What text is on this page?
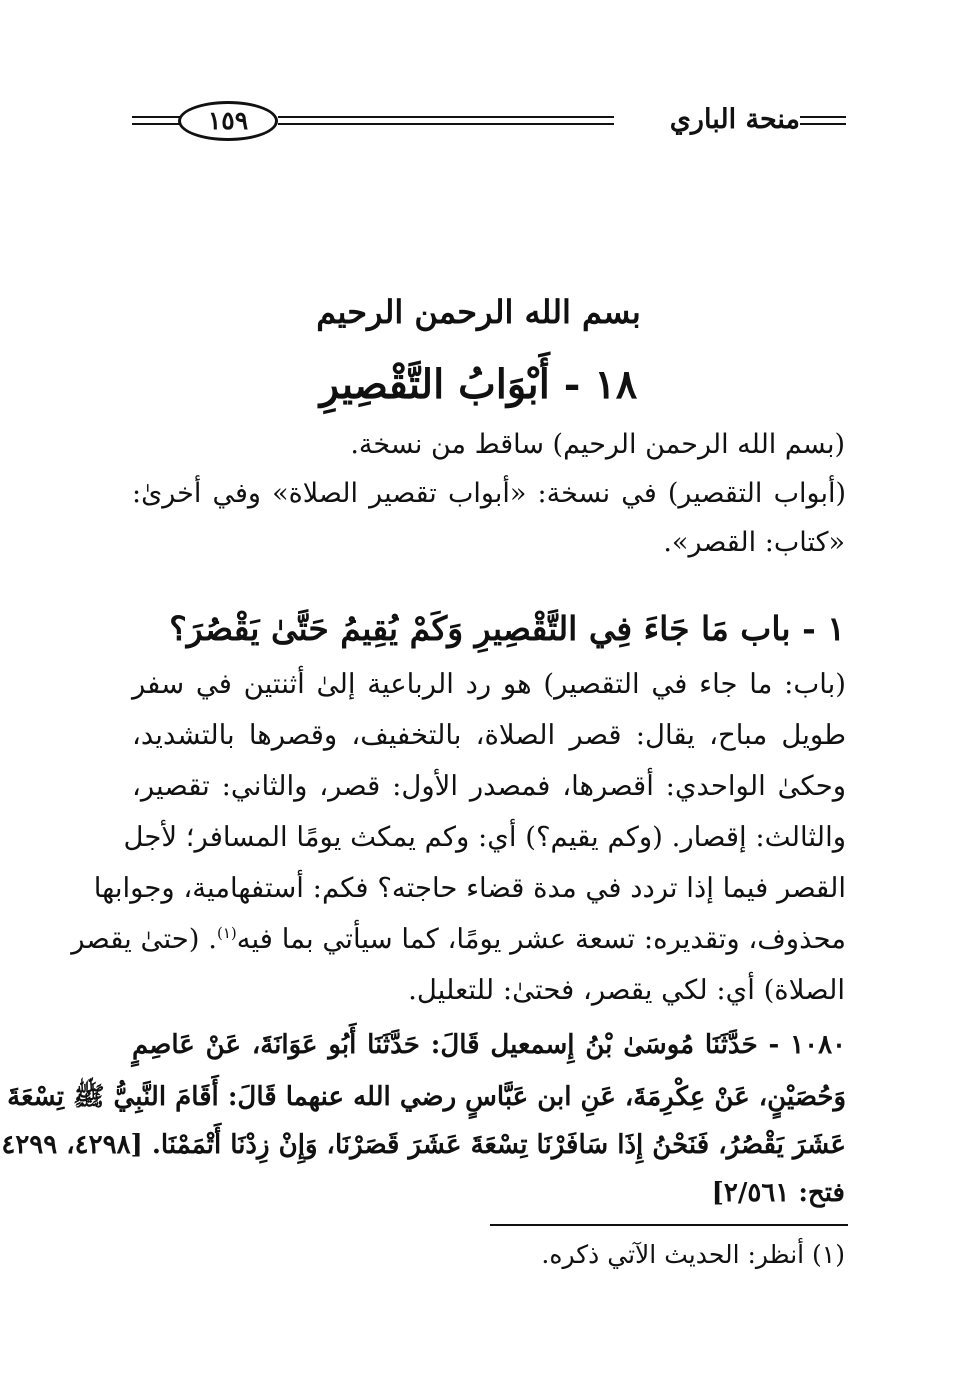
منحة الباري
١٥٩
بسم الله الرحمن الرحيم
١٨ - أَبْوَابُ التَّقْصِيرِ
(بسم الله الرحمن الرحيم) ساقط من نسخة.
(أبواب التقصير) في نسخة: «أبواب تقصير الصلاة» وفي أخرىٰ:
«كتاب: القصر».
١ - باب مَا جَاءَ فِي التَّقْصِيرِ وَكَمْ يُقِيمُ حَتَّىٰ يَقْصُرَ؟
(باب: ما جاء في التقصير) هو رد الرباعية إلىٰ أثنتين في سفر
طويل مباح، يقال: قصر الصلاة، بالتخفيف، وقصرها بالتشديد،
وحكىٰ الواحدي: أقصرها، فمصدر الأول: قصر، والثاني: تقصير،
والثالث: إقصار. (وكم يقيم؟) أي: وكم يمكث يومًا المسافر؛ لأجل
القصر فيما إذا تردد في مدة قضاء حاجته؟ فكم: أستفهامية، وجوابها
محذوف، وتقديره: تسعة عشر يومًا، كما سيأتي بما فيه$^{(١)}$. (حتىٰ يقصر
الصلاة) أي: لكي يقصر، فحتىٰ: للتعليل.
١٠٨٠ - حَدَّثَنَا مُوسَىٰ بْنُ إِسمعيل قَالَ: حَدَّثَنَا أَبُو عَوَانَةَ، عَنْ عَاصِمٍ
وَحُصَيْنٍ، عَنْ عِكْرِمَةَ، عَنِ ابن عَبَّاسٍ رضي الله عنهما قَالَ: أَقَامَ النَّبِيُّ ﷺ تِسْعَةَ
عَشَرَ يَقْصُرُ، فَنَحْنُ إِذَا سَافَرْنَا تِسْعَةَ عَشَرَ قَصَرْنَا، وَإِنْ زِدْنَا أَتْمَمْنَا. [٤٢٩٨، ٤٢٩٩
فتح: ٢/٥٦١]
(١) أنظر: الحديث الآتي ذكره.
